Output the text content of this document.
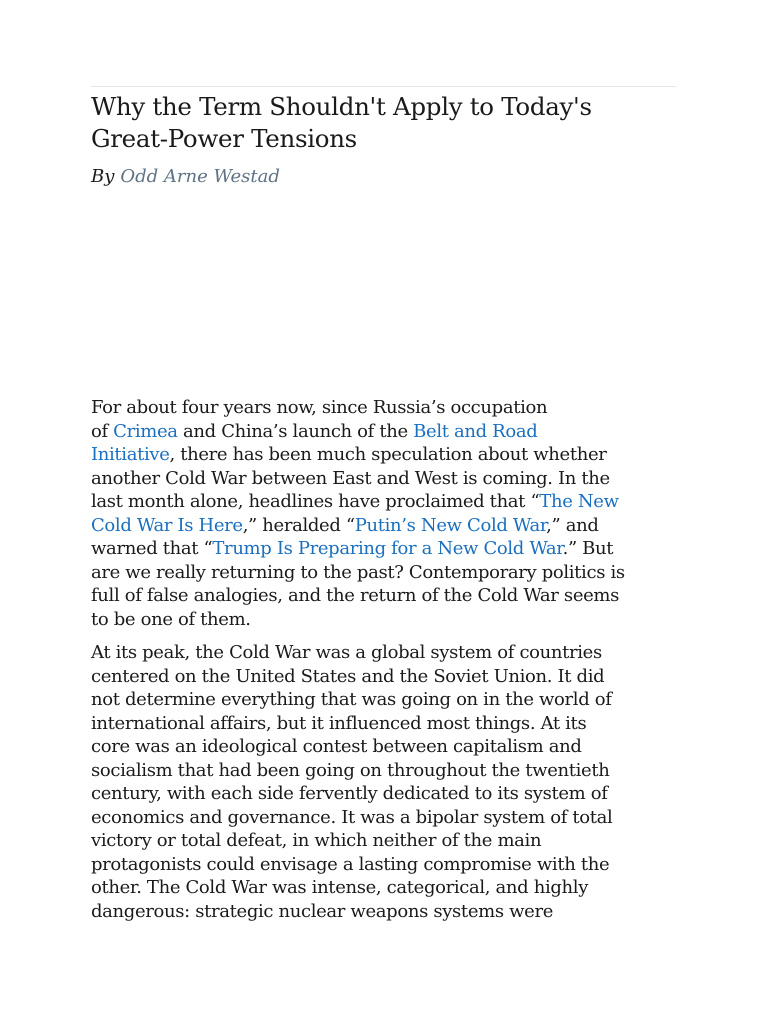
Why the Term Shouldn't Apply to Today's
Great-Power Tensions
By Odd Arne Westad

For about four years now, since Russia’s occupation
of Crimea and China’s launch of the Belt and Road
Initiative, there has been much speculation about whether
another Cold War between East and West is coming. In the
last month alone, headlines have proclaimed that “The New
Cold War Is Here,” heralded “Putin’s New Cold War,” and
warned that “Trump Is Preparing for a New Cold War.” But
are we really returning to the past? Contemporary politics is
full of false analogies, and the return of the Cold War seems
to be one of them.

At its peak, the Cold War was a global system of countries
centered on the United States and the Soviet Union. It did
not determine everything that was going on in the world of
international affairs, but it influenced most things. At its
core was an ideological contest between capitalism and
socialism that had been going on throughout the twentieth
century, with each side fervently dedicated to its system of
economics and governance. It was a bipolar system of total
victory or total defeat, in which neither of the main
protagonists could envisage a lasting compromise with the
other. The Cold War was intense, categorical, and highly
dangerous: strategic nuclear weapons systems were
